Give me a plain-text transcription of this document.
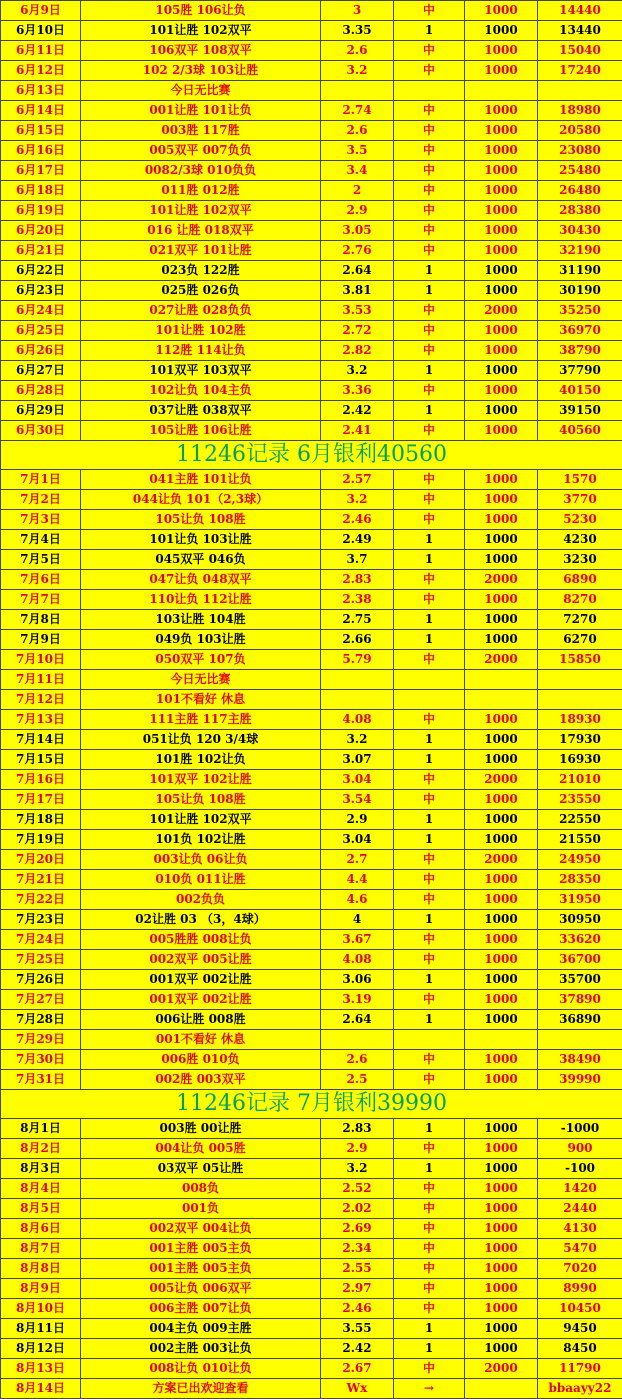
6月9日	105胜 106让负	3	中	1000	14440
6月10日	101让胜 102双平	3.35	1	1000	13440
6月11日	106双平 108双平	2.6	中	1000	15040
6月12日	102 2/3球 103让胜	3.2	中	1000	17240
6月13日	今日无比赛				
6月14日	001让胜 101让负	2.74	中	1000	18980
6月15日	003胜 117胜	2.6	中	1000	20580
6月16日	005双平 007负负	3.5	中	1000	23080
6月17日	0082/3球 010负负	3.4	中	1000	25480
6月18日	011胜 012胜	2	中	1000	26480
6月19日	101让胜 102双平	2.9	中	1000	28380
6月20日	016 让胜 018双平	3.05	中	1000	30430
6月21日	021双平 101让胜	2.76	中	1000	32190
6月22日	023负 122胜	2.64	1	1000	31190
6月23日	025胜 026负	3.81	1	1000	30190
6月24日	027让胜 028负负	3.53	中	2000	35250
6月25日	101让胜 102胜	2.72	中	1000	36970
6月26日	112胜 114让负	2.82	中	1000	38790
6月27日	101双平 103双平	3.2	1	1000	37790
6月28日	102让负 104主负	3.36	中	1000	40150
6月29日	037让胜 038双平	2.42	1	1000	39150
6月30日	105让胜 106让胜	2.41	中	1000	40560
11246记录 6月银利40560					
7月1日	041主胜 101让负	2.57	中	1000	1570
7月2日	044让负 101（2,3球）	3.2	中	1000	3770
7月3日	105让负 108胜	2.46	中	1000	5230
7月4日	101让负 103让胜	2.49	1	1000	4230
7月5日	045双平 046负	3.7	1	1000	3230
7月6日	047让负 048双平	2.83	中	2000	6890
7月7日	110让负 112让胜	2.38	中	1000	8270
7月8日	103让胜 104胜	2.75	1	1000	7270
7月9日	049负 103让胜	2.66	1	1000	6270
7月10日	050双平 107负	5.79	中	2000	15850
7月11日	今日无比赛				
7月12日	101不看好 休息				
7月13日	111主胜 117主胜	4.08	中	1000	18930
7月14日	051让负 120 3/4球	3.2	1	1000	17930
7月15日	101胜 102让负	3.07	1	1000	16930
7月16日	101双平 102让胜	3.04	中	2000	21010
7月17日	105让负 108胜	3.54	中	1000	23550
7月18日	101让胜 102双平	2.9	1	1000	22550
7月19日	101负 102让胜	3.04	1	1000	21550
7月20日	003让负 06让负	2.7	中	2000	24950
7月21日	010负 011让胜	4.4	中	1000	28350
7月22日	002负负	4.6	中	1000	31950
7月23日	02让胜 03 （3，4球）	4	1	1000	30950
7月24日	005胜胜 008让负	3.67	中	1000	33620
7月25日	002双平 005让胜	4.08	中	1000	36700
7月26日	001双平 002让胜	3.06	1	1000	35700
7月27日	001双平 002让胜	3.19	中	1000	37890
7月28日	006让胜 008胜	2.64	1	1000	36890
7月29日	001不看好 休息				
7月30日	006胜 010负	2.6	中	1000	38490
7月31日	002胜 003双平	2.5	中	1000	39990
11246记录 7月银利39990					
8月1日	003胜 00让胜	2.83	1	1000	-1000
8月2日	004让负 005胜	2.9	中	1000	900
8月3日	03双平 05让胜	3.2	1	1000	-100
8月4日	008负	2.52	中	1000	1420
8月5日	001负	2.02	中	1000	2440
8月6日	002双平 004让负	2.69	中	1000	4130
8月7日	001主胜 005主负	2.34	中	1000	5470
8月8日	001主胜 005主负	2.55	中	1000	7020
8月9日	005让负 006双平	2.97	中	1000	8990
8月10日	006主胜 007让负	2.46	中	1000	10450
8月11日	004主负 009主胜	3.55	1	1000	9450
8月12日	002主胜 003让负	2.42	1	1000	8450
8月13日	008让负 010让负	2.67	中	2000	11790
8月14日	方案已出欢迎查看	Wx	→		bbaayy22
